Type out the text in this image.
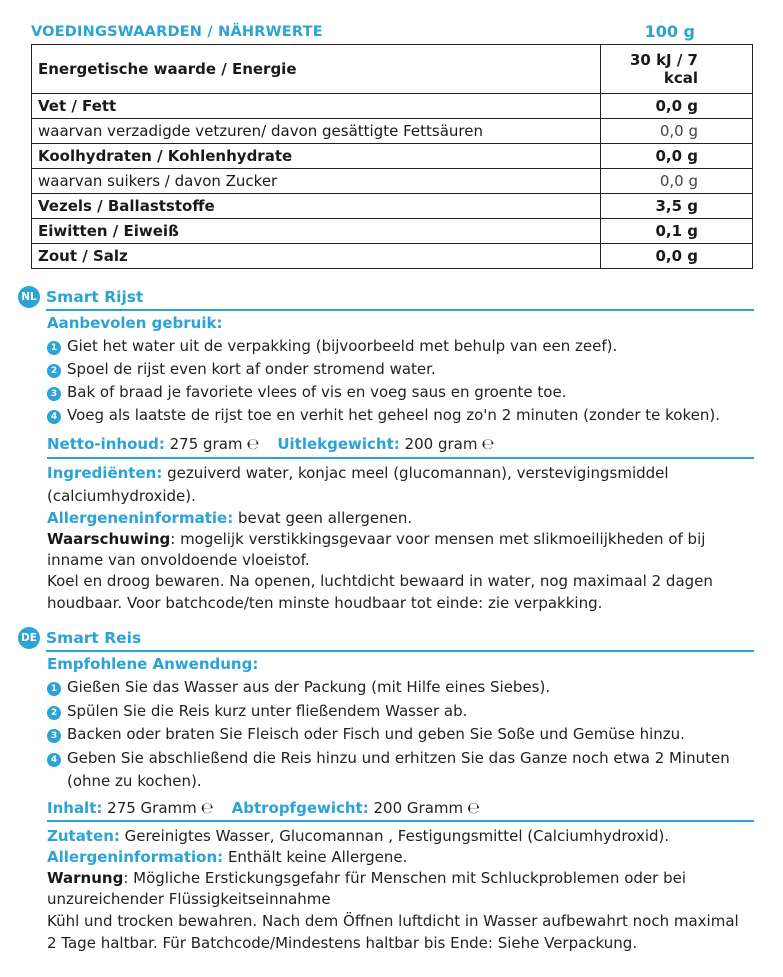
VOEDINGSWAARDEN / NÄHRWERTE	100 g
Energetische waarde / Energie	30 kJ / 7 kcal
Vet / Fett	0,0 g
waarvan verzadigde vetzuren/ davon gesättigte Fettsäuren	0,0 g
Koolhydraten / Kohlenhydrate	0,0 g
waarvan suikers / davon Zucker	0,0 g
Vezels / Ballaststoffe	3,5 g
Eiwitten / Eiweiß	0,1 g
Zout / Salz	0,0 g
NL Smart Rijst
Aanbevolen gebruik:
1 Giet het water uit de verpakking (bijvoorbeeld met behulp van een zeef).
2 Spoel de rijst even kort af onder stromend water.
3 Bak of braad je favoriete vlees of vis en voeg saus en groente toe.
4 Voeg als laatste de rijst toe en verhit het geheel nog zo'n 2 minuten (zonder te koken).
Netto-inhoud: 275 gram ℮ Uitlekgewicht: 200 gram ℮
Ingrediënten: gezuiverd water, konjac meel (glucomannan), verstevigingsmiddel
(calciumhydroxide).
Allergeneninformatie: bevat geen allergenen.
Waarschuwing: mogelijk verstikkingsgevaar voor mensen met slikmoeilijkheden of bij
inname van onvoldoende vloeistof.
Koel en droog bewaren. Na openen, luchtdicht bewaard in water, nog maximaal 2 dagen
houdbaar. Voor batchcode/ten minste houdbaar tot einde: zie verpakking.
DE Smart Reis
Empfohlene Anwendung:
1 Gießen Sie das Wasser aus der Packung (mit Hilfe eines Siebes).
2 Spülen Sie die Reis kurz unter fließendem Wasser ab.
3 Backen oder braten Sie Fleisch oder Fisch und geben Sie Soße und Gemüse hinzu.
4 Geben Sie abschließend die Reis hinzu und erhitzen Sie das Ganze noch etwa 2 Minuten
(ohne zu kochen).
Inhalt: 275 Gramm ℮ Abtropfgewicht: 200 Gramm ℮
Zutaten: Gereinigtes Wasser, Glucomannan , Festigungsmittel (Calciumhydroxid).
Allergeninformation: Enthält keine Allergene.
Warnung: Mögliche Erstickungsgefahr für Menschen mit Schluckproblemen oder bei
unzureichender Flüssigkeitseinnahme
Kühl und trocken bewahren. Nach dem Öffnen luftdicht in Wasser aufbewahrt noch maximal
2 Tage haltbar. Für Batchcode/Mindestens haltbar bis Ende: Siehe Verpackung.
